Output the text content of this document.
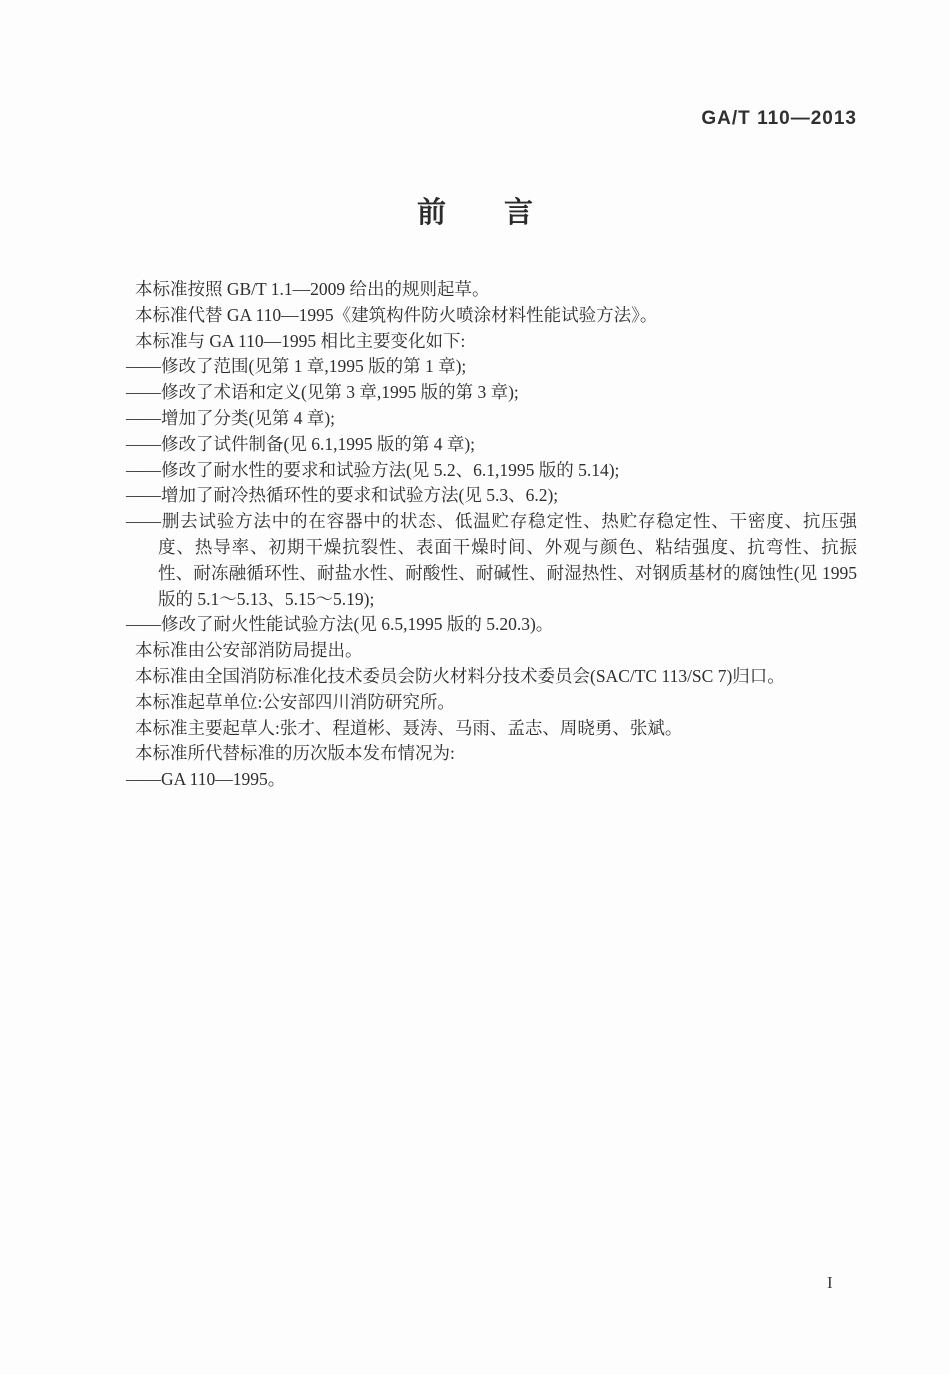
GA/T 110—2013
前　　言

本标准按照 GB/T 1.1—2009 给出的规则起草。

本标准代替 GA 110—1995《建筑构件防火喷涂材料性能试验方法》。

本标准与 GA 110—1995 相比主要变化如下:

——修改了范围(见第 1 章,1995 版的第 1 章);

——修改了术语和定义(见第 3 章,1995 版的第 3 章);

——增加了分类(见第 4 章);

——修改了试件制备(见 6.1,1995 版的第 4 章);

——修改了耐水性的要求和试验方法(见 5.2、6.1,1995 版的 5.14);

——增加了耐冷热循环性的要求和试验方法(见 5.3、6.2);

——删去试验方法中的在容器中的状态、低温贮存稳定性、热贮存稳定性、干密度、抗压强度、热导率、初期干燥抗裂性、表面干燥时间、外观与颜色、粘结强度、抗弯性、抗振性、耐冻融循环性、耐盐水性、耐酸性、耐碱性、耐湿热性、对钢质基材的腐蚀性(见 1995 版的 5.1～5.13、5.15～5.19);

——修改了耐火性能试验方法(见 6.5,1995 版的 5.20.3)。

本标准由公安部消防局提出。

本标准由全国消防标准化技术委员会防火材料分技术委员会(SAC/TC 113/SC 7)归口。

本标准起草单位:公安部四川消防研究所。

本标准主要起草人:张才、程道彬、聂涛、马雨、孟志、周晓勇、张斌。

本标准所代替标准的历次版本发布情况为:

——GA 110—1995。

I
